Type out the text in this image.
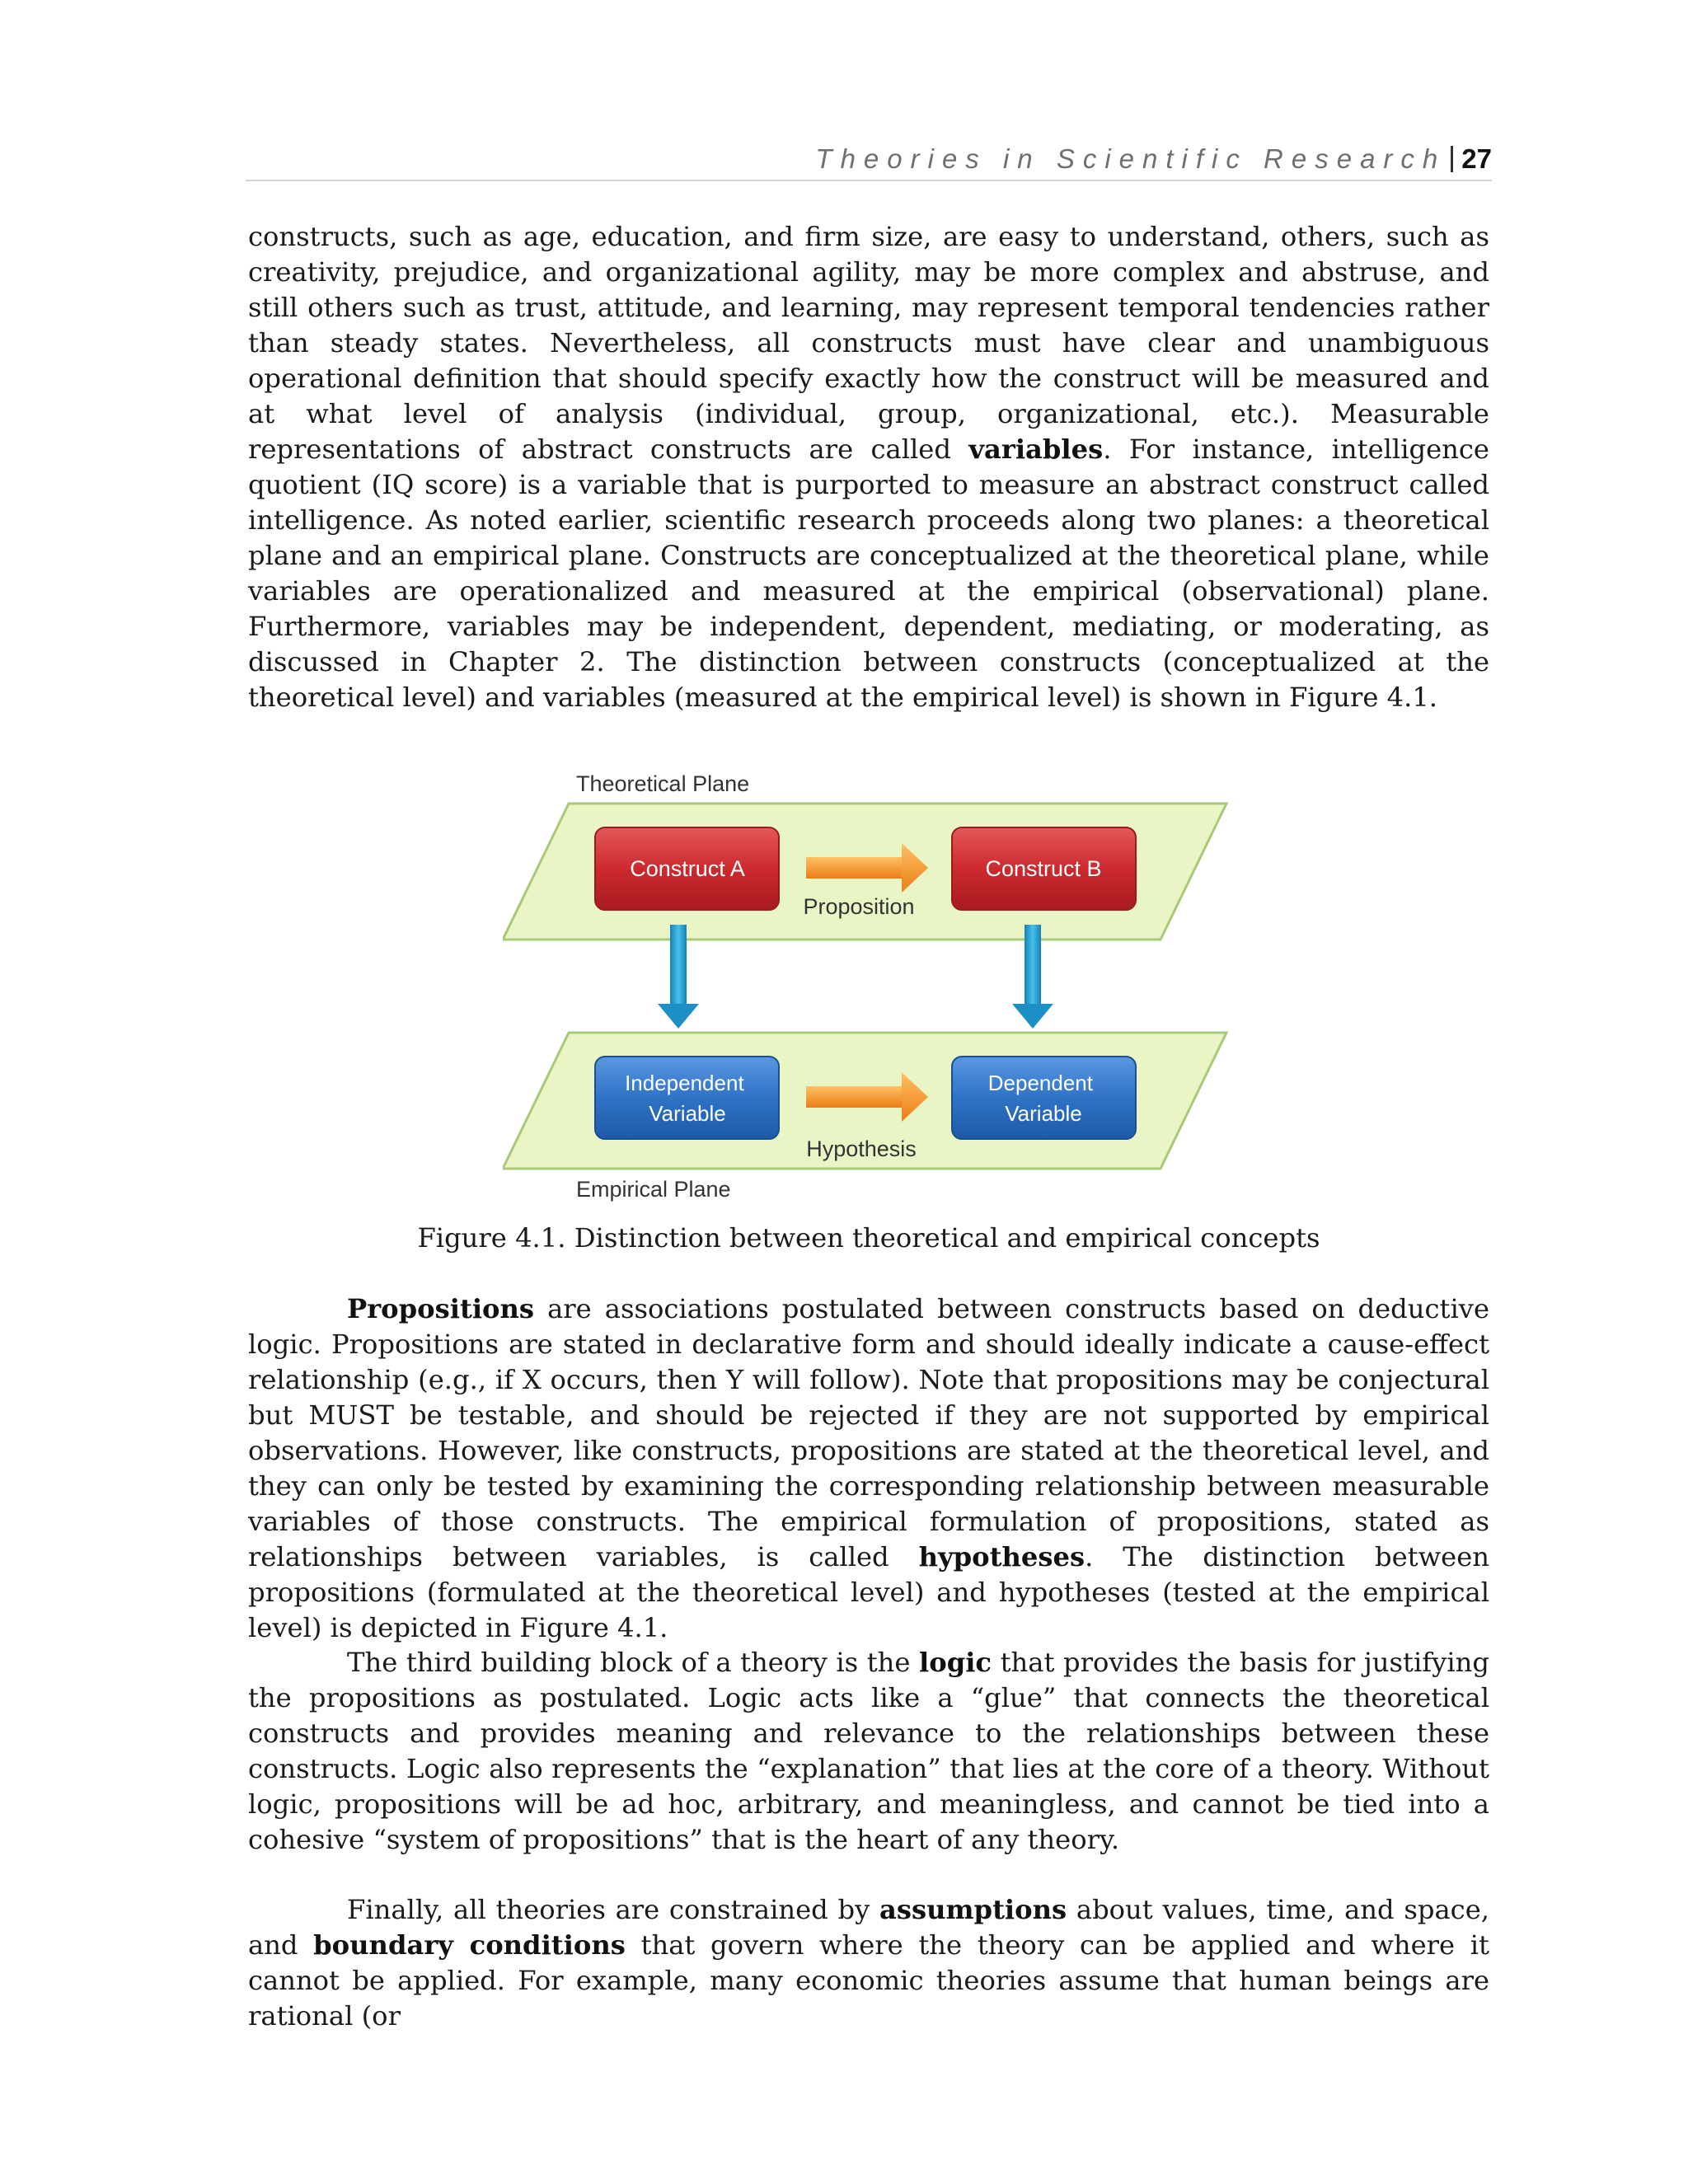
Theories in Scientific Research 27

constructs, such as age, education, and firm size, are easy to understand, others, such as creativity, prejudice, and organizational agility, may be more complex and abstruse, and still others such as trust, attitude, and learning, may represent temporal tendencies rather than steady states. Nevertheless, all constructs must have clear and unambiguous operational definition that should specify exactly how the construct will be measured and at what level of analysis (individual, group, organizational, etc.). Measurable representations of abstract constructs are called variables. For instance, intelligence quotient (IQ score) is a variable that is purported to measure an abstract construct called intelligence. As noted earlier, scientific research proceeds along two planes: a theoretical plane and an empirical plane. Constructs are conceptualized at the theoretical plane, while variables are operationalized and measured at the empirical (observational) plane. Furthermore, variables may be independent, dependent, mediating, or moderating, as discussed in Chapter 2. The distinction between constructs (conceptualized at the theoretical level) and variables (measured at the empirical level) is shown in Figure 4.1.

Theoretical Plane
Empirical Plane
Construct A	Construct B
Independent Variable
Dependent Variable
Proposition
Hypothesis

Figure 4.1. Distinction between theoretical and empirical concepts

Propositions are associations postulated between constructs based on deductive logic. Propositions are stated in declarative form and should ideally indicate a cause-effect relationship (e.g., if X occurs, then Y will follow). Note that propositions may be conjectural but MUST be testable, and should be rejected if they are not supported by empirical observations. However, like constructs, propositions are stated at the theoretical level, and they can only be tested by examining the corresponding relationship between measurable variables of those constructs. The empirical formulation of propositions, stated as relationships between variables, is called hypotheses. The distinction between propositions (formulated at the theoretical level) and hypotheses (tested at the empirical level) is depicted in Figure 4.1.

The third building block of a theory is the logic that provides the basis for justifying the propositions as postulated. Logic acts like a “glue” that connects the theoretical constructs and provides meaning and relevance to the relationships between these constructs. Logic also represents the “explanation” that lies at the core of a theory. Without logic, propositions will be ad hoc, arbitrary, and meaningless, and cannot be tied into a cohesive “system of propositions” that is the heart of any theory.

Finally, all theories are constrained by assumptions about values, time, and space, and boundary conditions that govern where the theory can be applied and where it cannot be applied. For example, many economic theories assume that human beings are rational (or
